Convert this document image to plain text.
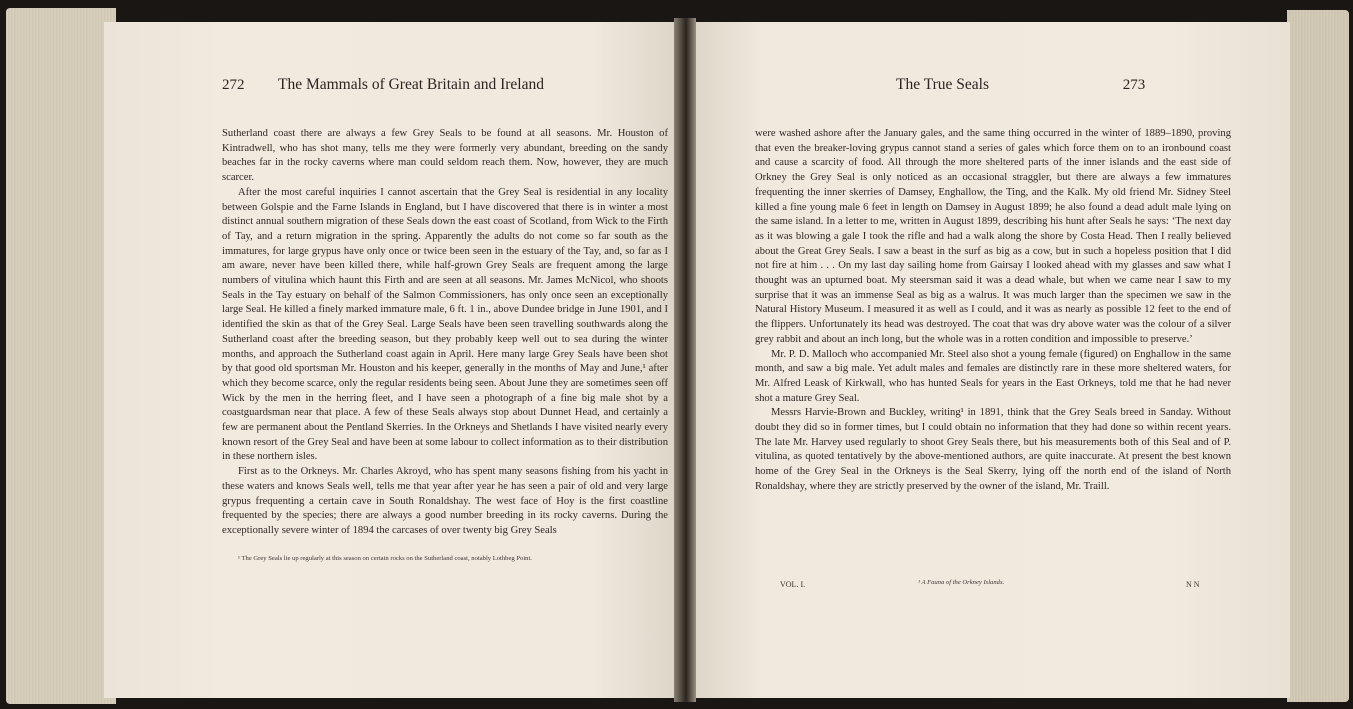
272 The Mammals of Great Britain and Ireland

Sutherland coast there are always a few Grey Seals to be found at all seasons. Mr. Houston of Kintradwell, who has shot many, tells me they were formerly very abundant, breeding on the sandy beaches far in the rocky caverns where man could seldom reach them. Now, however, they are much scarcer.

After the most careful inquiries I cannot ascertain that the Grey Seal is residential in any locality between Golspie and the Farne Islands in England, but I have discovered that there is in winter a most distinct annual southern migration of these Seals down the east coast of Scotland, from Wick to the Firth of Tay, and a return migration in the spring. Apparently the adults do not come so far south as the immatures, for large grypus have only once or twice been seen in the estuary of the Tay, and, so far as I am aware, never have been killed there, while half-grown Grey Seals are frequent among the large numbers of vitulina which haunt this Firth and are seen at all seasons. Mr. James McNicol, who shoots Seals in the Tay estuary on behalf of the Salmon Commissioners, has only once seen an exceptionally large Seal. He killed a finely marked immature male, 6 ft. 1 in., above Dundee bridge in June 1901, and I identified the skin as that of the Grey Seal. Large Seals have been seen travelling southwards along the Sutherland coast after the breeding season, but they probably keep well out to sea during the winter months, and approach the Sutherland coast again in April. Here many large Grey Seals have been shot by that good old sportsman Mr. Houston and his keeper, generally in the months of May and June,¹ after which they become scarce, only the regular residents being seen. About June they are sometimes seen off Wick by the men in the herring fleet, and I have seen a photograph of a fine big male shot by a coastguardsman near that place. A few of these Seals always stop about Dunnet Head, and certainly a few are permanent about the Pentland Skerries. In the Orkneys and Shetlands I have visited nearly every known resort of the Grey Seal and have been at some labour to collect information as to their distribution in these northern isles.

First as to the Orkneys. Mr. Charles Akroyd, who has spent many seasons fishing from his yacht in these waters and knows Seals well, tells me that year after year he has seen a pair of old and very large grypus frequenting a certain cave in South Ronaldshay. The west face of Hoy is the first coastline frequented by the species; there are always a good number breeding in its rocky caverns. During the exceptionally severe winter of 1894 the carcases of over twenty big Grey Seals

¹ The Grey Seals lie up regularly at this season on certain rocks on the Sutherland coast, notably Lothbeg Point.
The True Seals	273

were washed ashore after the January gales, and the same thing occurred in the winter of 1889–1890, proving that even the breaker-loving grypus cannot stand a series of gales which force them on to an ironbound coast and cause a scarcity of food. All through the more sheltered parts of the inner islands and the east side of Orkney the Grey Seal is only noticed as an occasional straggler, but there are always a few immatures frequenting the inner skerries of Damsey, Enghallow, the Ting, and the Kalk. My old friend Mr. Sidney Steel killed a fine young male 6 feet in length on Damsey in August 1899; he also found a dead adult male lying on the same island. In a letter to me, written in August 1899, describing his hunt after Seals he says: ‘The next day as it was blowing a gale I took the rifle and had a walk along the shore by Costa Head. Then I really believed about the Great Grey Seals. I saw a beast in the surf as big as a cow, but in such a hopeless position that I did not fire at him . . . On my last day sailing home from Gairsay I looked ahead with my glasses and saw what I thought was an upturned boat. My steersman said it was a dead whale, but when we came near I saw to my surprise that it was an immense Seal as big as a walrus. It was much larger than the specimen we saw in the Natural History Museum. I measured it as well as I could, and it was as nearly as possible 12 feet to the end of the flippers. Unfortunately its head was destroyed. The coat that was dry above water was the colour of a silver grey rabbit and about an inch long, but the whole was in a rotten condition and impossible to preserve.’

Mr. P. D. Malloch who accompanied Mr. Steel also shot a young female (figured) on Enghallow in the same month, and saw a big male. Yet adult males and females are distinctly rare in these more sheltered waters, for Mr. Alfred Leask of Kirkwall, who has hunted Seals for years in the East Orkneys, told me that he had never shot a mature Grey Seal.

Messrs Harvie-Brown and Buckley, writing¹ in 1891, think that the Grey Seals breed in Sanday. Without doubt they did so in former times, but I could obtain no information that they had done so within recent years. The late Mr. Harvey used regularly to shoot Grey Seals there, but his measurements both of this Seal and of P. vitulina, as quoted tentatively by the above-mentioned authors, are quite inaccurate. At present the best known home of the Grey Seal in the Orkneys is the Seal Skerry, lying off the north end of the island of North Ronaldshay, where they are strictly preserved by the owner of the island, Mr. Traill.

VOL. I.	¹ A Fauna of the Orkney Islands.	N N
